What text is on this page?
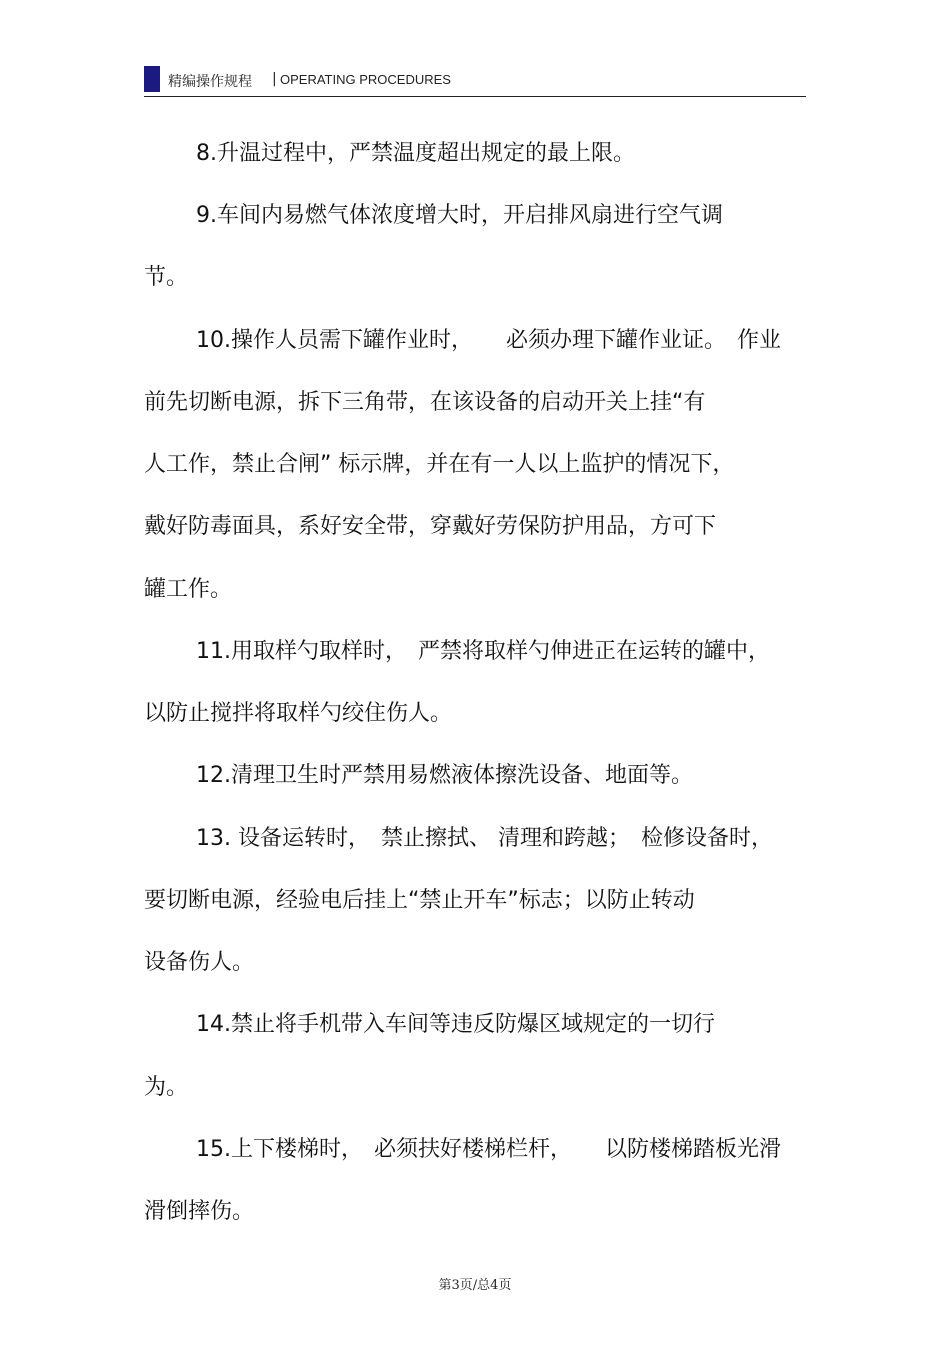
精编操作规程 | OPERATING PROCEDURES
8.升温过程中，严禁温度超出规定的最上限。
9.车间内易燃气体浓度增大时，开启排风扇进行空气调
节。
10.操作人员需下罐作业时，　　必须办理下罐作业证。　作业
前先切断电源，拆下三角带，在该设备的启动开关上挂“有
人工作，禁止合闸” 标示牌，并在有一人以上监护的情况下，
戴好防毒面具，系好安全带，穿戴好劳保防护用品，方可下
罐工作。
11.用取样勺取样时，　严禁将取样勺伸进正在运转的罐中，
以防止搅拌将取样勺绞住伤人。
12.清理卫生时严禁用易燃液体擦洗设备、地面等。
13. 设备运转时，　禁止擦拭、 清理和跨越；　检修设备时，
要切断电源，经验电后挂上“禁止开车”标志；以防止转动
设备伤人。
14.禁止将手机带入车间等违反防爆区域规定的一切行
为。
15.上下楼梯时，　必须扶好楼梯栏杆，　　以防楼梯踏板光滑
滑倒摔伤。
第3页/总4页
